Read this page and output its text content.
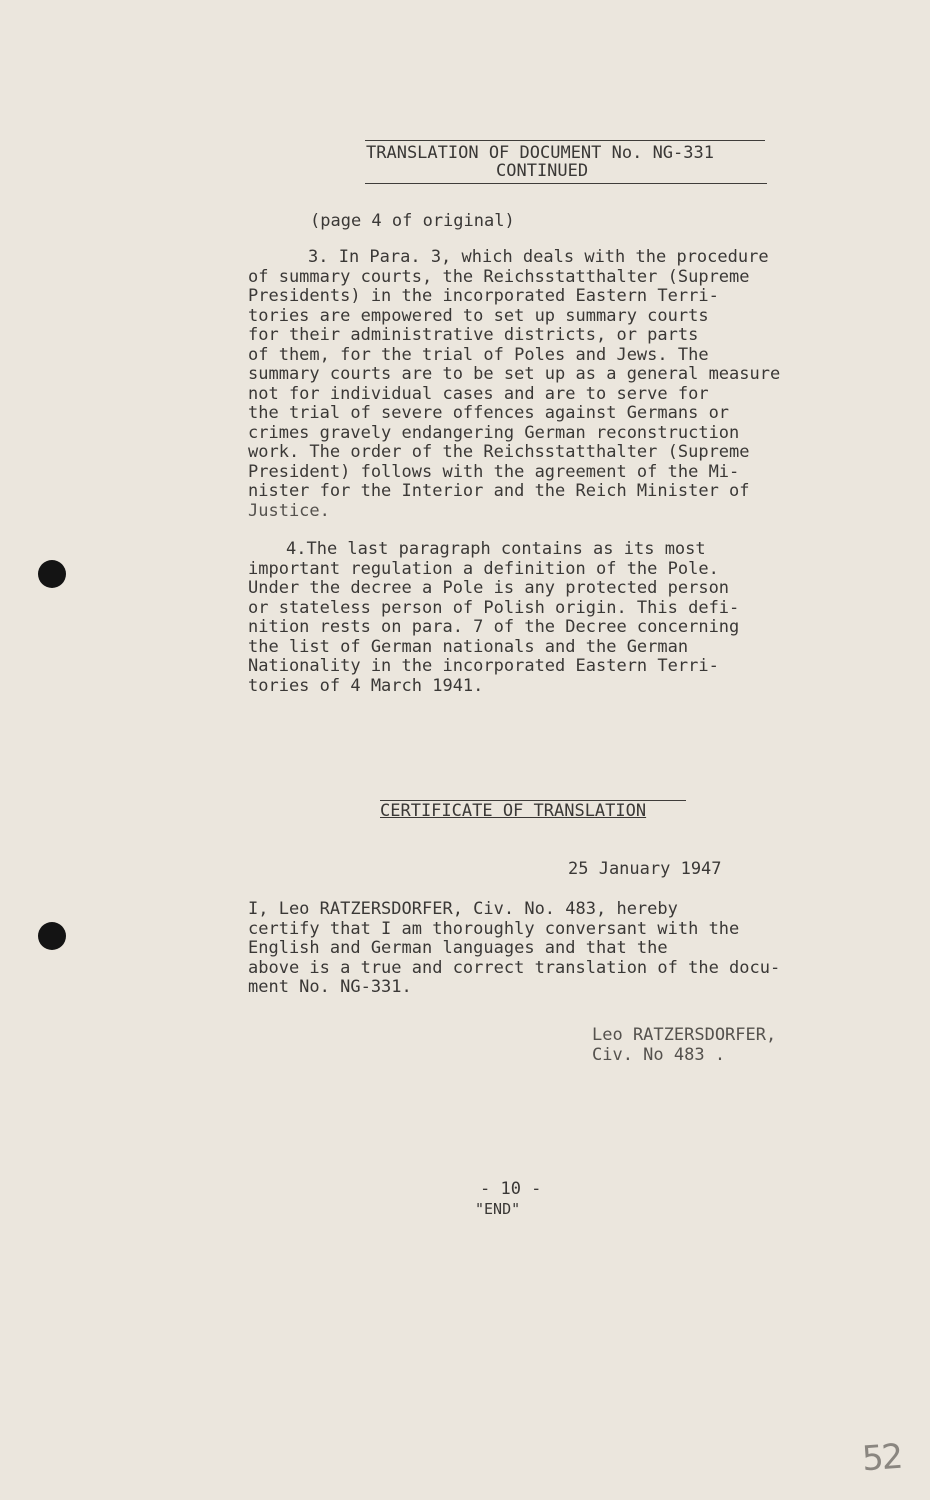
TRANSLATION OF DOCUMENT No. NG-331
CONTINUED
(page 4 of original)
3. In Para. 3, which deals with the procedure
of summary courts, the Reichsstatthalter (Supreme
Presidents) in the incorporated Eastern Terri-
tories are empowered to set up summary courts
for their administrative districts, or parts
of them, for the trial of Poles and Jews. The
summary courts are to be set up as a general measure
not for individual cases and are to serve for
the trial of severe offences against Germans or
crimes gravely endangering German reconstruction
work. The order of the Reichsstatthalter (Supreme
President) follows with the agreement of the Mi-
nister for the Interior and the Reich Minister of
Justice.
4.The last paragraph contains as its most
important regulation a definition of the Pole.
Under the decree a Pole is any protected person
or stateless person of Polish origin. This defi-
nition rests on para. 7 of the Decree concerning
the list of German nationals and the German
Nationality in the incorporated Eastern Terri-
tories of 4 March 1941.
CERTIFICATE OF TRANSLATION
25 January 1947
I, Leo RATZERSDORFER, Civ. No. 483, hereby
certify that I am thoroughly conversant with the
English and German languages and that the
above is a true and correct translation of the docu-
ment No. NG-331.
Leo RATZERSDORFER,
Civ. No 483 .
- 10 -
"END"
52
